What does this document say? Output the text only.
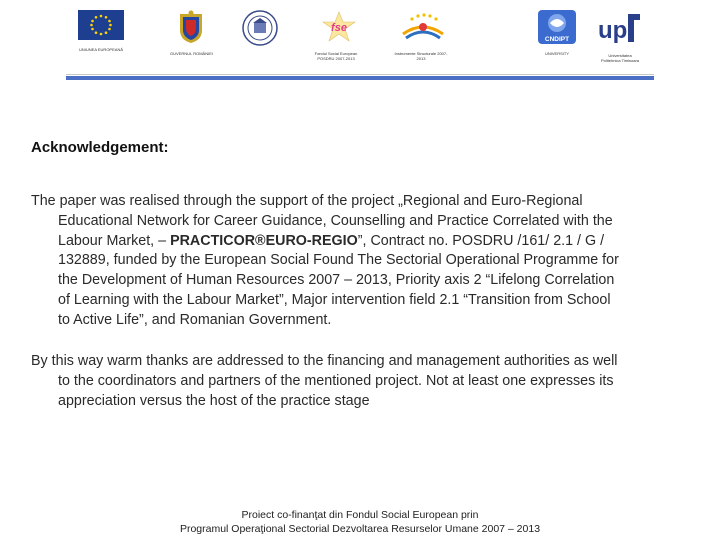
UNIUNEA EUROPEANĂ
GUVERNUL ROMÂNIEI
fse
Fondul Social European POSDRU 2007-2013
Instrumente Structurale 2007-2013
CNDIPT
UNIVERSITY
up
Universitatea Politehnica Timisoara
Acknowledgement:
The paper was realised through the support of the project „Regional and Euro-Regional
Educational Network for Career Guidance, Counselling and Practice Correlated with the
Labour Market, – PRACTICOR®EURO-REGIO”, Contract no. POSDRU /161/ 2.1 / G /
132889, funded by the European Social Found The Sectorial Operational Programme for
the Development of Human Resources 2007 – 2013, Priority axis 2 “Lifelong Correlation
of Learning with the Labour Market”, Major intervention field 2.1 “Transition from School
to Active Life”, and Romanian Government.
By this way warm thanks are addressed to the financing and management authorities as well
to the coordinators and partners of the mentioned project. Not at least one expresses its
appreciation versus the host of the practice stage
Proiect co-finanţat din Fondul Social European prin
Programul Operaţional Sectorial Dezvoltarea Resurselor Umane 2007 – 2013
